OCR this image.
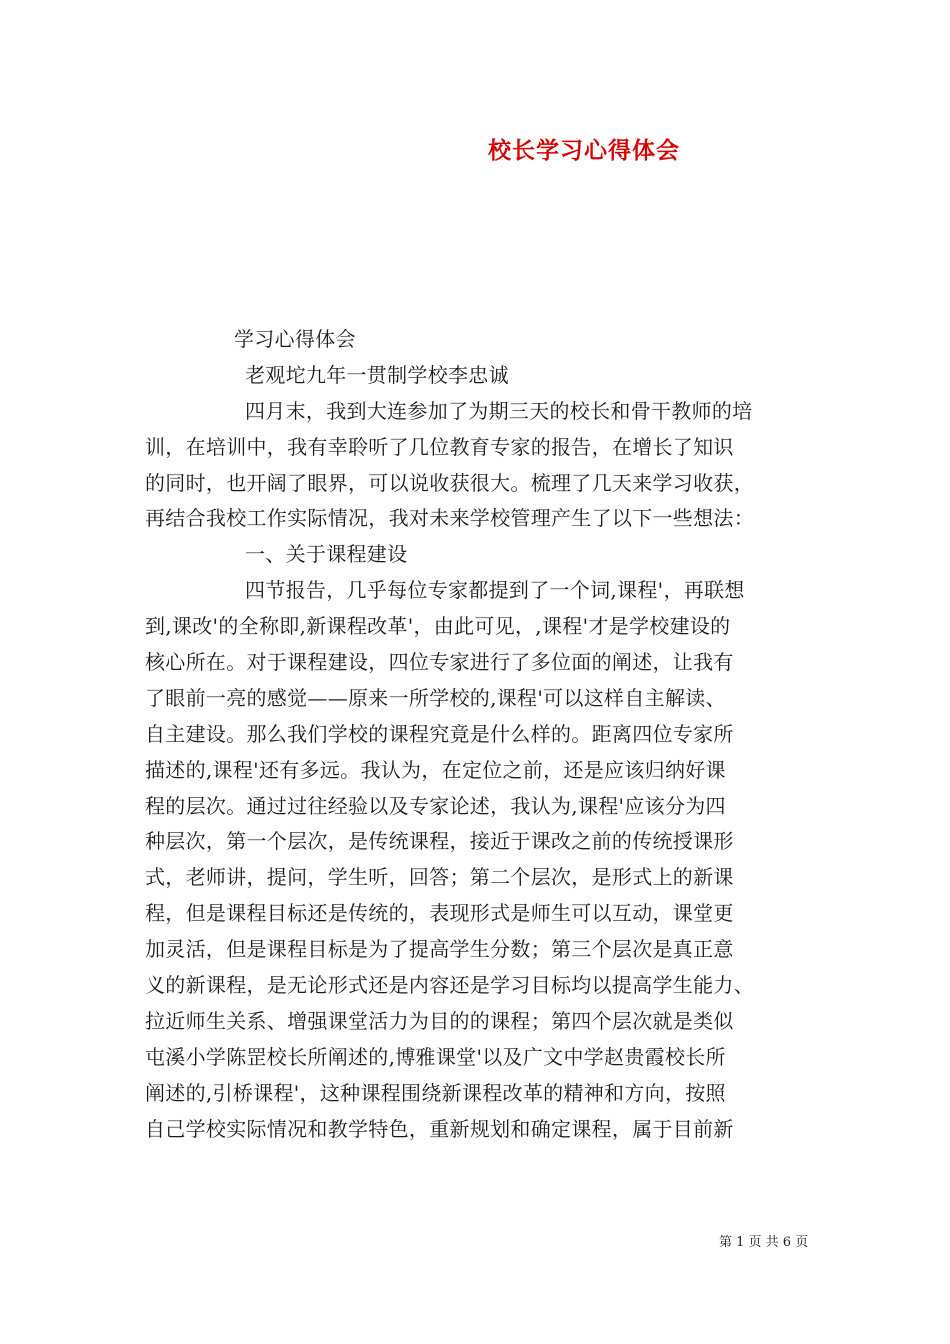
校长学习心得体会

学习心得体会

老观坨九年一贯制学校李忠诚

四月末，我到大连参加了为期三天的校长和骨干教师的培

训，在培训中，我有幸聆听了几位教育专家的报告，在增长了知识

的同时，也开阔了眼界，可以说收获很大。梳理了几天来学习收获，

再结合我校工作实际情况，我对未来学校管理产生了以下一些想法：

一、关于课程建设

四节报告，几乎每位专家都提到了一个词,课程'，再联想

到,课改'的全称即,新课程改革'，由此可见，,课程'才是学校建设的

核心所在。对于课程建设，四位专家进行了多位面的阐述，让我有

了眼前一亮的感觉——原来一所学校的,课程'可以这样自主解读、

自主建设。那么我们学校的课程究竟是什么样的。距离四位专家所

描述的,课程'还有多远。我认为，在定位之前，还是应该归纳好课

程的层次。通过过往经验以及专家论述，我认为,课程'应该分为四

种层次，第一个层次，是传统课程，接近于课改之前的传统授课形

式，老师讲，提问，学生听，回答；第二个层次，是形式上的新课

程，但是课程目标还是传统的，表现形式是师生可以互动，课堂更

加灵活，但是课程目标是为了提高学生分数；第三个层次是真正意

义的新课程，是无论形式还是内容还是学习目标均以提高学生能力、

拉近师生关系、增强课堂活力为目的的课程；第四个层次就是类似

屯溪小学陈罡校长所阐述的,博雅课堂'以及广文中学赵贵霞校长所

阐述的,引桥课程'，这种课程围绕新课程改革的精神和方向，按照

自己学校实际情况和教学特色，重新规划和确定课程，属于目前新

第 1 页 共 6 页
